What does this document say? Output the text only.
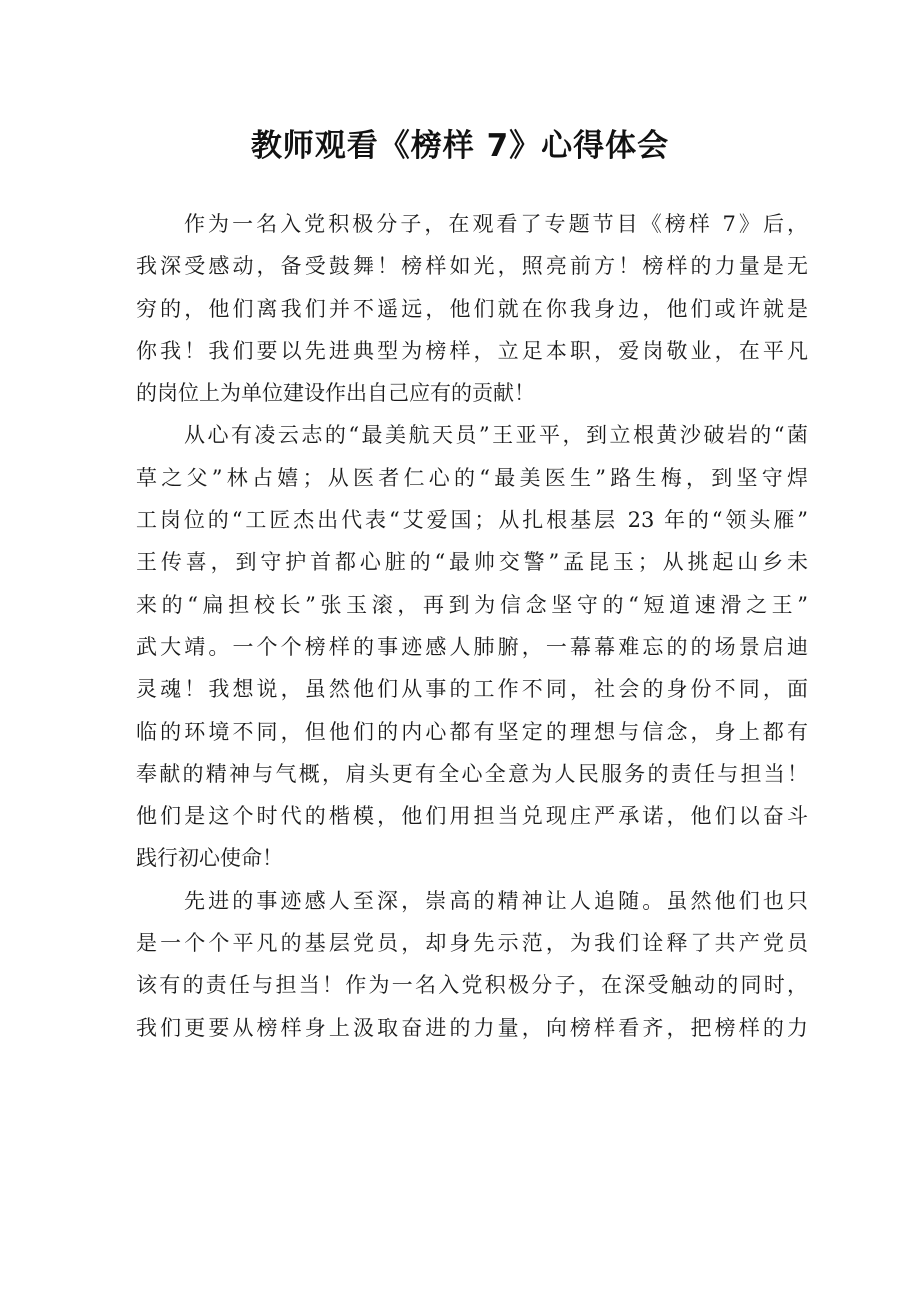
教师观看《榜样 7》心得体会
作为一名入党积极分子，在观看了专题节目《榜样 7》后，
我深受感动，备受鼓舞！榜样如光，照亮前方！榜样的力量是无
穷的，他们离我们并不遥远，他们就在你我身边，他们或许就是
你我！我们要以先进典型为榜样，立足本职，爱岗敬业，在平凡
的岗位上为单位建设作出自己应有的贡献！
从心有凌云志的“最美航天员”王亚平，到立根黄沙破岩的“菌
草之父”林占嬉；从医者仁心的“最美医生”路生梅，到坚守焊
工岗位的“工匠杰出代表“艾爱国；从扎根基层 23 年的“领头雁”
王传喜，到守护首都心脏的“最帅交警”孟昆玉；从挑起山乡未
来的“扁担校长”张玉滚，再到为信念坚守的“短道速滑之王”
武大靖。一个个榜样的事迹感人肺腑，一幕幕难忘的的场景启迪
灵魂！我想说，虽然他们从事的工作不同，社会的身份不同，面
临的环境不同，但他们的内心都有坚定的理想与信念，身上都有
奉献的精神与气概，肩头更有全心全意为人民服务的责任与担当！
他们是这个时代的楷模，他们用担当兑现庄严承诺，他们以奋斗
践行初心使命！
先进的事迹感人至深，崇高的精神让人追随。虽然他们也只
是一个个平凡的基层党员，却身先示范，为我们诠释了共产党员
该有的责任与担当！作为一名入党积极分子，在深受触动的同时，
我们更要从榜样身上汲取奋进的力量，向榜样看齐，把榜样的力
